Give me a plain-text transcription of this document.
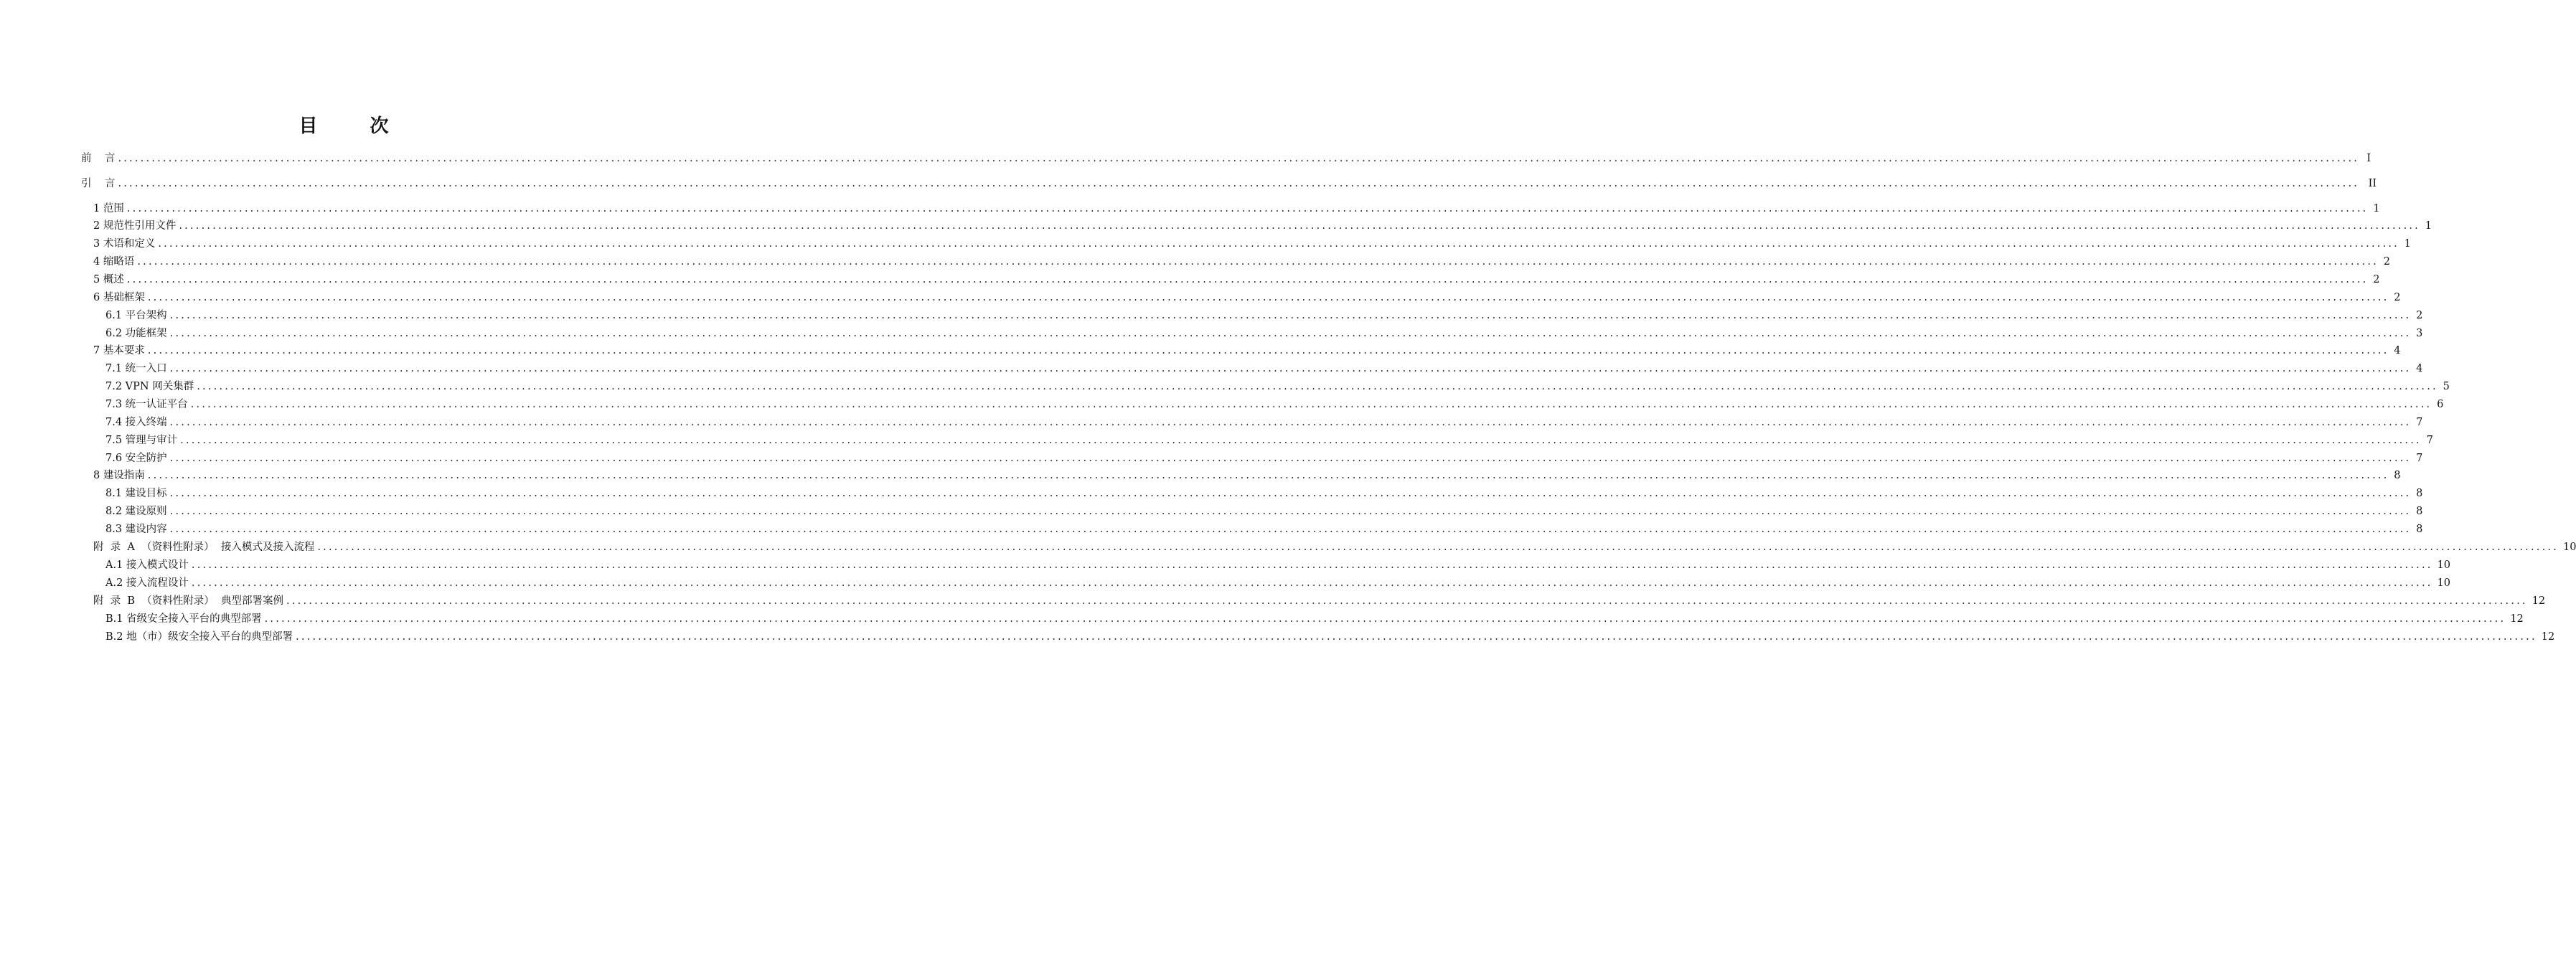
目 次
前    言 ................................................................................................................................................................................................................................................................................................................................................................................................................ I
引    言 ................................................................................................................................................................................................................................................................................................................................................................................................................ II
1 范围 ................................................................................................................................................................................................................................................................................................................................................................................................................ 1
2 规范性引用文件 ................................................................................................................................................................................................................................................................................................................................................................................................................ 1
3 术语和定义 ................................................................................................................................................................................................................................................................................................................................................................................................................ 1
4 缩略语 ................................................................................................................................................................................................................................................................................................................................................................................................................ 2
5 概述 ................................................................................................................................................................................................................................................................................................................................................................................................................ 2
6 基础框架 ................................................................................................................................................................................................................................................................................................................................................................................................................ 2
6.1 平台架构 ................................................................................................................................................................................................................................................................................................................................................................................................................ 2
6.2 功能框架 ................................................................................................................................................................................................................................................................................................................................................................................................................ 3
7 基本要求 ................................................................................................................................................................................................................................................................................................................................................................................................................ 4
7.1 统一入口 ................................................................................................................................................................................................................................................................................................................................................................................................................ 4
7.2 VPN 网关集群 ................................................................................................................................................................................................................................................................................................................................................................................................................ 5
7.3 统一认证平台 ................................................................................................................................................................................................................................................................................................................................................................................................................ 6
7.4 接入终端 ................................................................................................................................................................................................................................................................................................................................................................................................................ 7
7.5 管理与审计 ................................................................................................................................................................................................................................................................................................................................................................................................................ 7
7.6 安全防护 ................................................................................................................................................................................................................................................................................................................................................................................................................ 7
8 建设指南 ................................................................................................................................................................................................................................................................................................................................................................................................................ 8
8.1 建设目标 ................................................................................................................................................................................................................................................................................................................................................................................................................ 8
8.2 建设原则 ................................................................................................................................................................................................................................................................................................................................................................................................................ 8
8.3 建设内容 ................................................................................................................................................................................................................................................................................................................................................................................................................ 8
附  录  A  （资料性附录）  接入模式及接入流程 ................................................................................................................................................................................................................................................................................................................................................................................................................ 10
A.1 接入模式设计 ................................................................................................................................................................................................................................................................................................................................................................................................................ 10
A.2 接入流程设计 ................................................................................................................................................................................................................................................................................................................................................................................................................ 10
附  录  B  （资料性附录）  典型部署案例 ................................................................................................................................................................................................................................................................................................................................................................................................................ 12
B.1 省级安全接入平台的典型部署 ................................................................................................................................................................................................................................................................................................................................................................................................................ 12
B.2 地（市）级安全接入平台的典型部署 ................................................................................................................................................................................................................................................................................................................................................................................................................ 12
